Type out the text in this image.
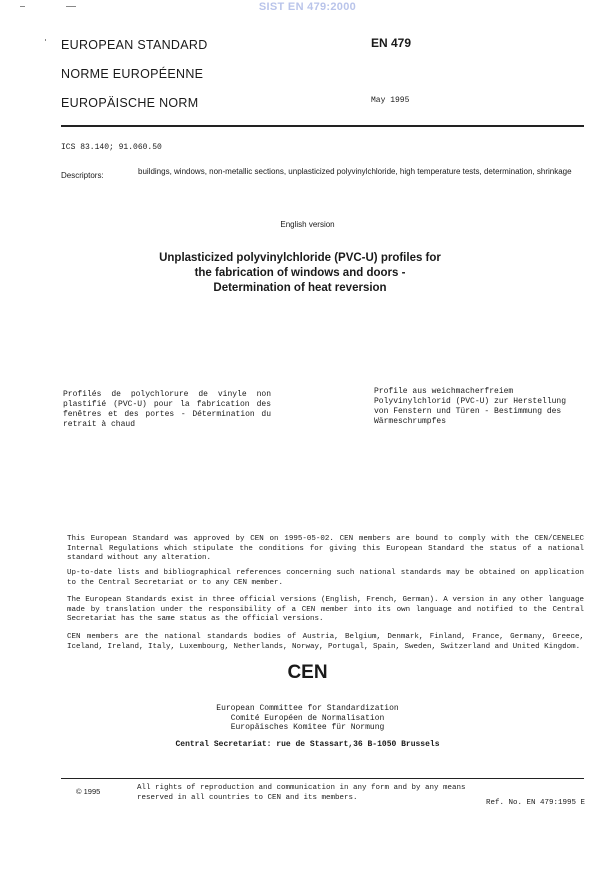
SIST EN 479:2000
EUROPEAN STANDARD
NORME EUROPÉENNE
EUROPÄISCHE NORM
EN 479
May 1995
ICS 83.140; 91.060.50
Descriptors:	buildings, windows, non-metallic sections, unplasticized polyvinylchloride, high temperature tests, determination, shrinkage
English version
Unplasticized polyvinylchloride (PVC-U) profiles for
the fabrication of windows and doors -
Determination of heat reversion
Profilés de polychlorure de vinyle non plastifié (PVC-U) pour la fabrication des fenêtres et des portes - Détermination du retrait à chaud
Profile aus weichmacherfreiem Polyvinylchlorid (PVC-U) zur Herstellung von Fenstern und Türen - Bestimmung des Wärmeschrumpfes
This European Standard was approved by CEN on 1995-05-02. CEN members are bound to comply with the CEN/CENELEC Internal Regulations which stipulate the conditions for giving this European Standard the status of a national standard without any alteration.
Up-to-date lists and bibliographical references concerning such national standards may be obtained on application to the Central Secretariat or to any CEN member.
The European Standards exist in three official versions (English, French, German). A version in any other language made by translation under the responsibility of a CEN member into its own language and notified to the Central Secretariat has the same status as the official versions.
CEN members are the national standards bodies of Austria, Belgium, Denmark, Finland, France, Germany, Greece, Iceland, Ireland, Italy, Luxembourg, Netherlands, Norway, Portugal, Spain, Sweden, Switzerland and United Kingdom.
CEN
European Committee for Standardization
Comité Européen de Normalisation
Europäisches Komitee für Normung
Central Secretariat: rue de Stassart,36 B-1050 Brussels
© 1995	All rights of reproduction and communication in any form and by any means reserved in all countries to CEN and its members.
Ref. No. EN 479:1995 E
